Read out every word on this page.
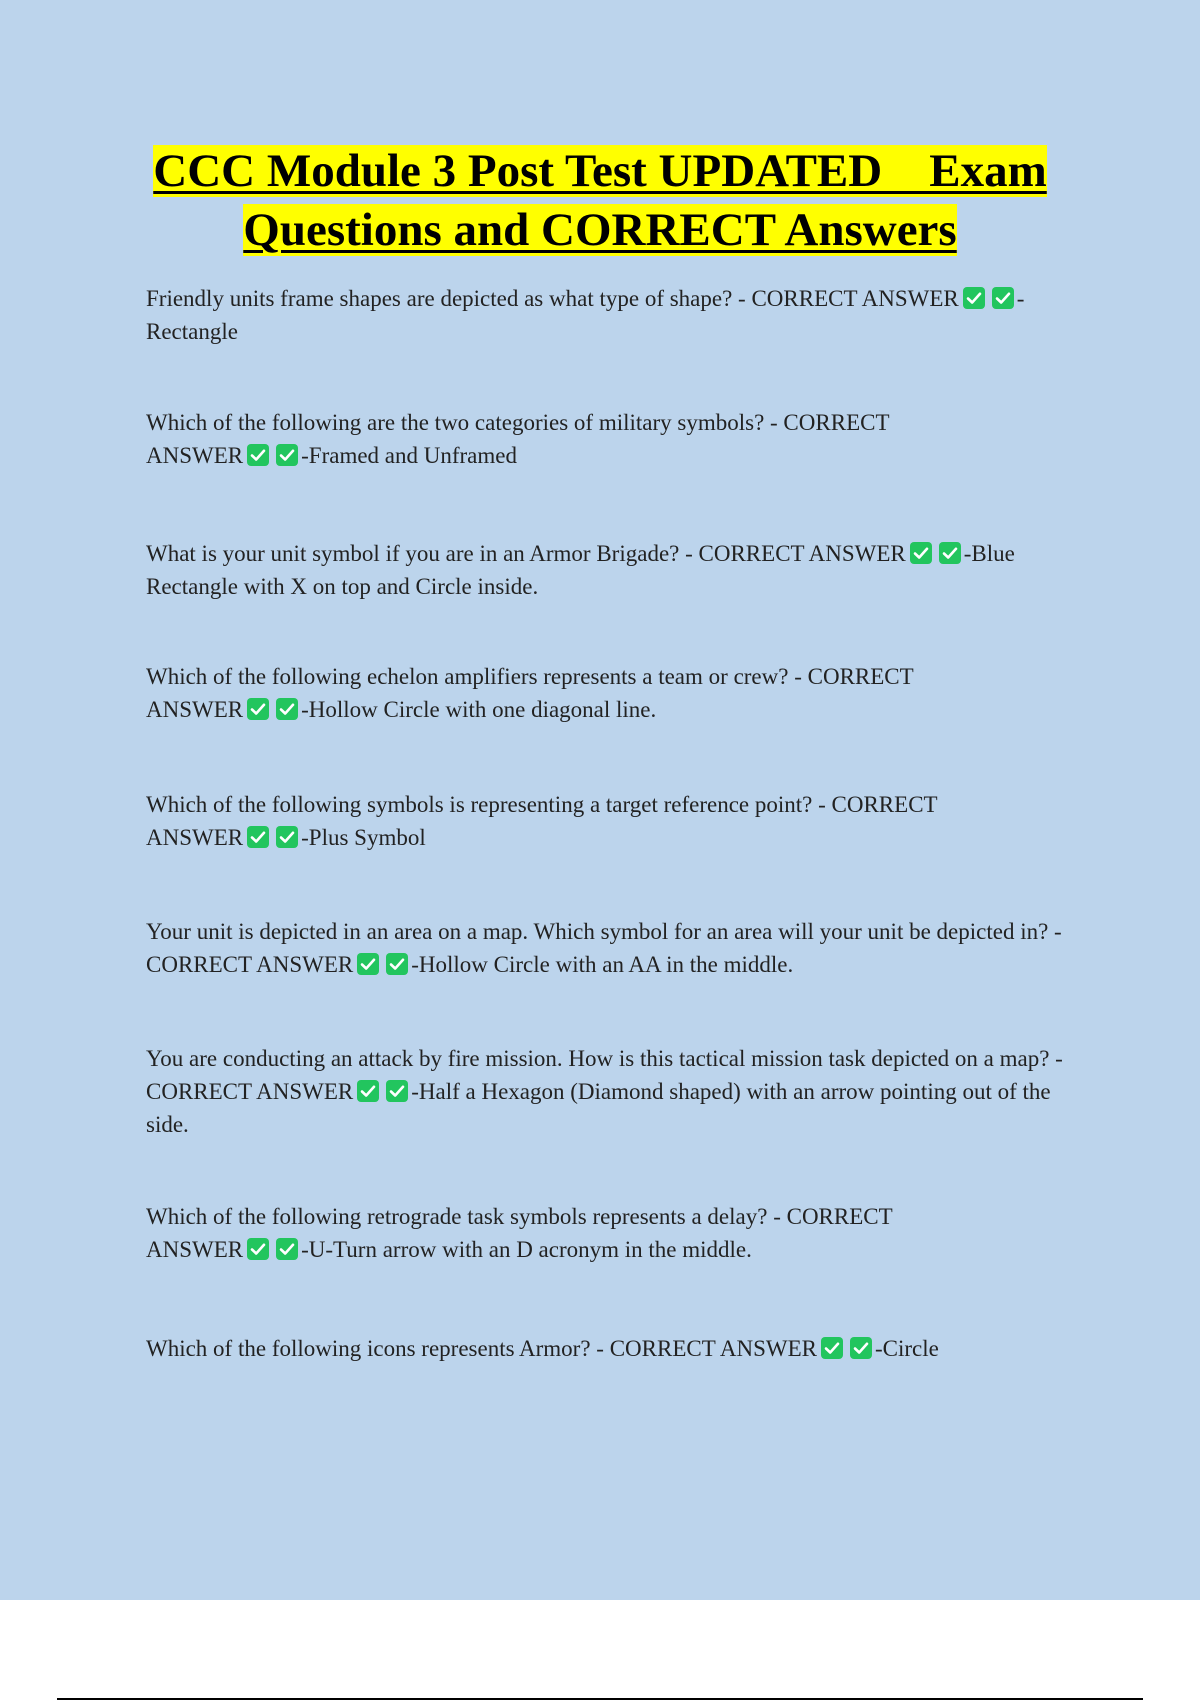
CCC Module 3 Post Test UPDATED    Exam
Questions and CORRECT Answers
Friendly units frame shapes are depicted as what type of shape? - CORRECT ANSWER	-Rectangle
Which of the following are the two categories of military symbols? - CORRECT ANSWER	-Framed and Unframed
What is your unit symbol if you are in an Armor Brigade? - CORRECT ANSWER	-Blue Rectangle with X on top and Circle inside.
Which of the following echelon amplifiers represents a team or crew? - CORRECT ANSWER	-Hollow Circle with one diagonal line.
Which of the following symbols is representing a target reference point? - CORRECT ANSWER	-Plus Symbol
Your unit is depicted in an area on a map. Which symbol for an area will your unit be depicted in? - CORRECT ANSWER	-Hollow Circle with an AA in the middle.
You are conducting an attack by fire mission. How is this tactical mission task depicted on a map? - CORRECT ANSWER	-Half a Hexagon (Diamond shaped) with an arrow pointing out of the side.
Which of the following retrograde task symbols represents a delay? - CORRECT ANSWER	-U-Turn arrow with an D acronym in the middle.
Which of the following icons represents Armor? - CORRECT ANSWER	-Circle
